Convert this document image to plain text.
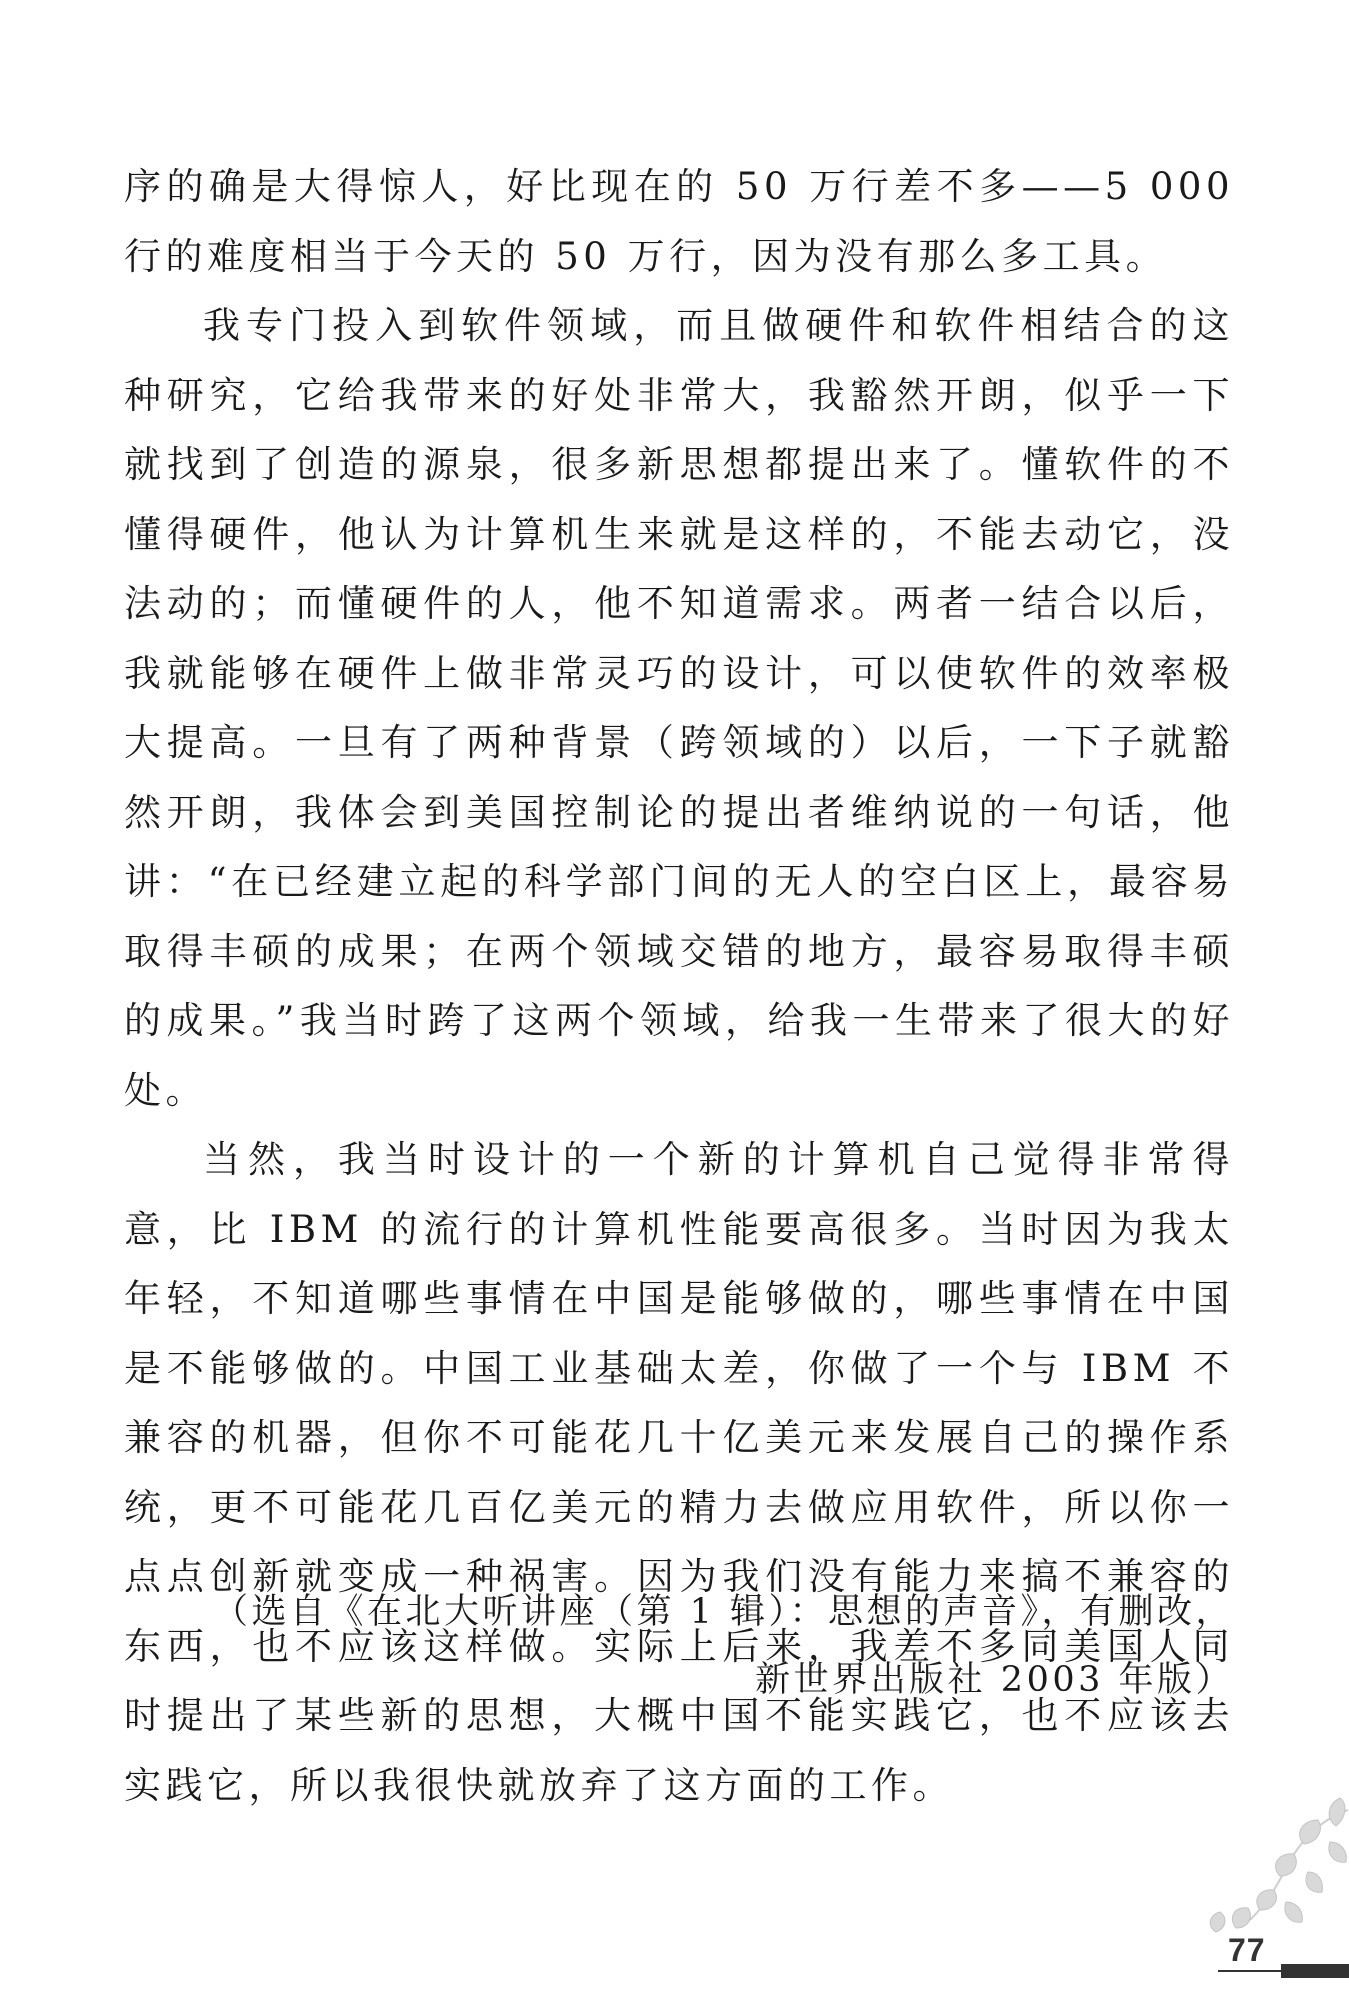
序的确是大得惊人，好比现在的 50 万行差不多——5 000 行的难度相当于今天的 50 万行，因为没有那么多工具。

我专门投入到软件领域，而且做硬件和软件相结合的这种研究，它给我带来的好处非常大，我豁然开朗，似乎一下就找到了创造的源泉，很多新思想都提出来了。懂软件的不懂得硬件，他认为计算机生来就是这样的，不能去动它，没法动的；而懂硬件的人，他不知道需求。两者一结合以后，我就能够在硬件上做非常灵巧的设计，可以使软件的效率极大提高。一旦有了两种背景（跨领域的）以后，一下子就豁然开朗，我体会到美国控制论的提出者维纳说的一句话，他讲：“在已经建立起的科学部门间的无人的空白区上，最容易取得丰硕的成果；在两个领域交错的地方，最容易取得丰硕的成果。”我当时跨了这两个领域，给我一生带来了很大的好处。

当然，我当时设计的一个新的计算机自己觉得非常得意，比 IBM 的流行的计算机性能要高很多。当时因为我太年轻，不知道哪些事情在中国是能够做的，哪些事情在中国是不能够做的。中国工业基础太差，你做了一个与 IBM 不兼容的机器，但你不可能花几十亿美元来发展自己的操作系统，更不可能花几百亿美元的精力去做应用软件，所以你一点点创新就变成一种祸害。因为我们没有能力来搞不兼容的东西，也不应该这样做。实际上后来，我差不多同美国人同时提出了某些新的思想，大概中国不能实践它，也不应该去实践它，所以我很快就放弃了这方面的工作。

（选自《在北大听讲座（第 1 辑）：思想的声音》，有删改，
新世界出版社 2003 年版）
77
